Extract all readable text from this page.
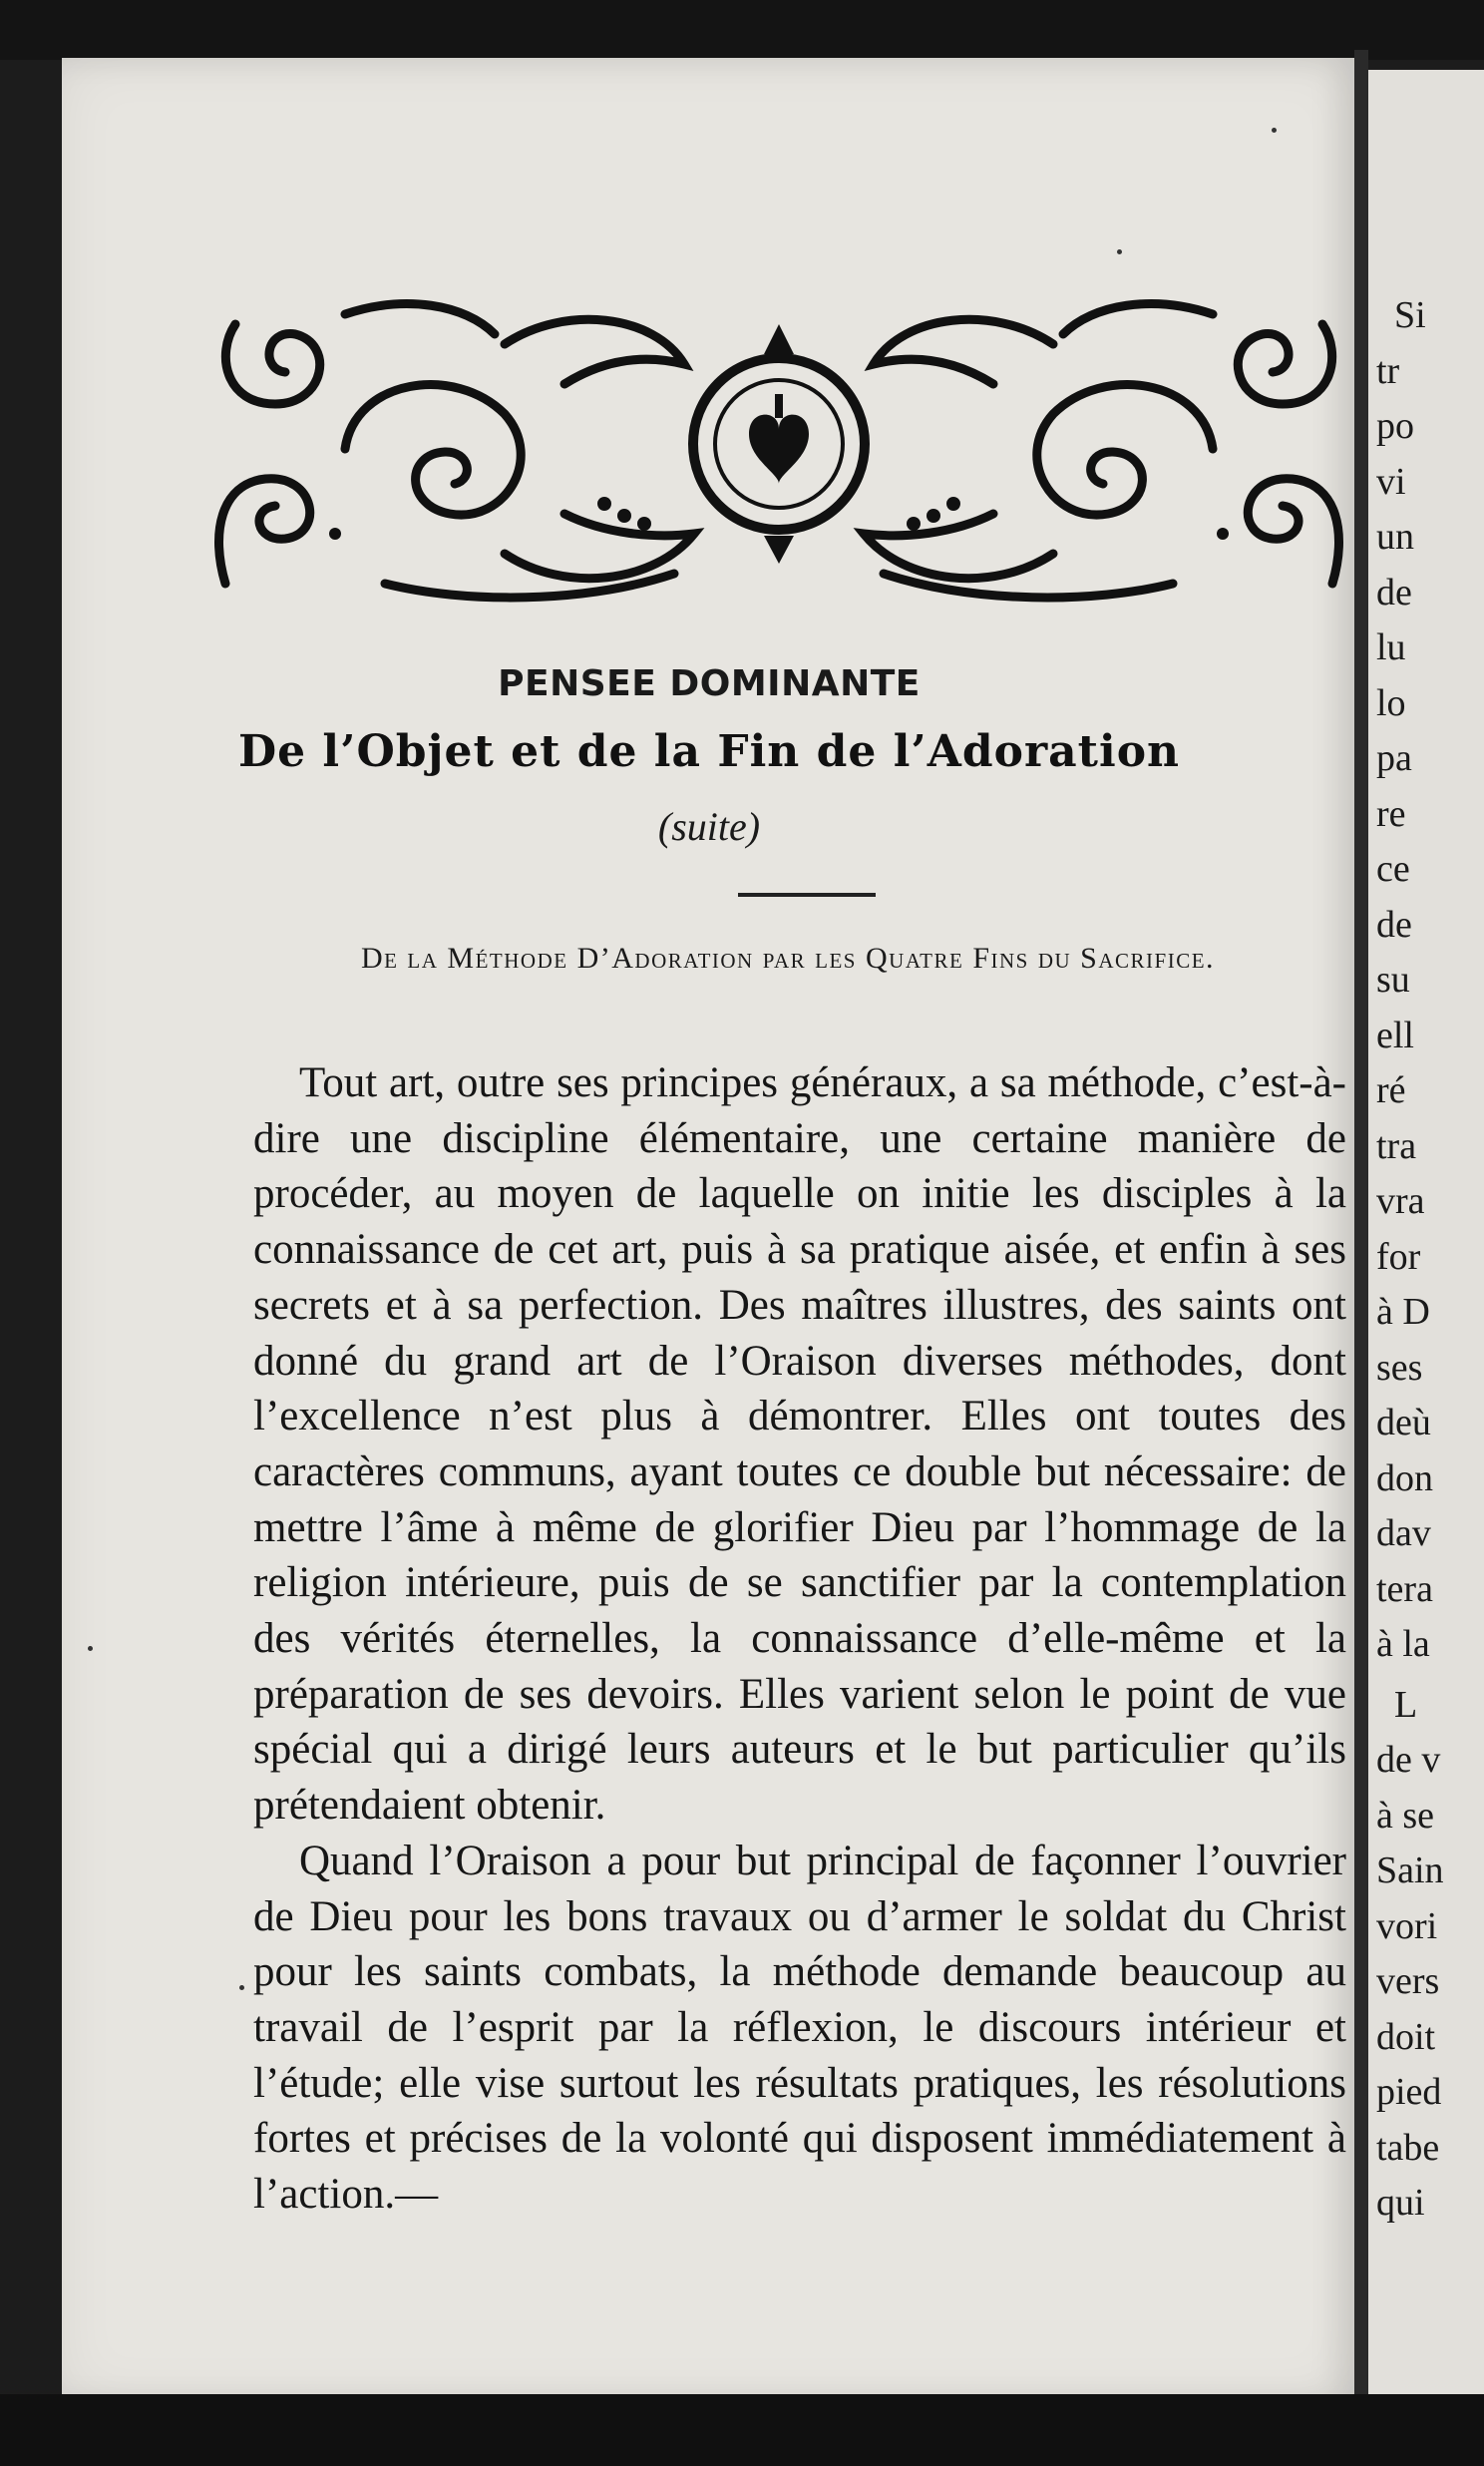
PENSEE DOMINANTE
De l’Objet et de la Fin de l’Adoration
(suite)
De la Méthode D’Adoration par les Quatre Fins du Sacrifice.

Tout art, outre ses principes généraux, a sa méthode, c’est-à-dire une discipline élémentaire, une certaine manière de procéder, au moyen de laquelle on initie les disciples à la connaissance de cet art, puis à sa pratique aisée, et enfin à ses secrets et à sa perfection. Des maîtres illustres, des saints ont donné du grand art de l’Oraison diverses méthodes, dont l’excellence n’est plus à démontrer. Elles ont toutes des caractères communs, ayant toutes ce double but nécessaire: de mettre l’âme à même de glorifier Dieu par l’hommage de la religion intérieure, puis de se sanctifier par la contemplation des vérités éternelles, la connaissance d’elle-même et la préparation de ses devoirs. Elles varient selon le point de vue spécial qui a dirigé leurs auteurs et le but particulier qu’ils prétendaient obtenir.

Quand l’Oraison a pour but principal de façonner l’ouvrier de Dieu pour les bons travaux ou d’armer le soldat du Christ pour les saints combats, la méthode demande beaucoup au travail de l’esprit par la réflexion, le discours intérieur et l’étude; elle vise surtout les résultats pratiques, les résolutions fortes et précises de la volonté qui disposent immédiatement à l’action.—

Si
tr
po
vi
un
de
lu
lo
pa
re
ce
de
su
ell
ré
tra
vra
for
à D
ses
deù
don
dav
tera
à la
L
de v
à se
Sain
vori
vers
doit
pied
tabe
qui
